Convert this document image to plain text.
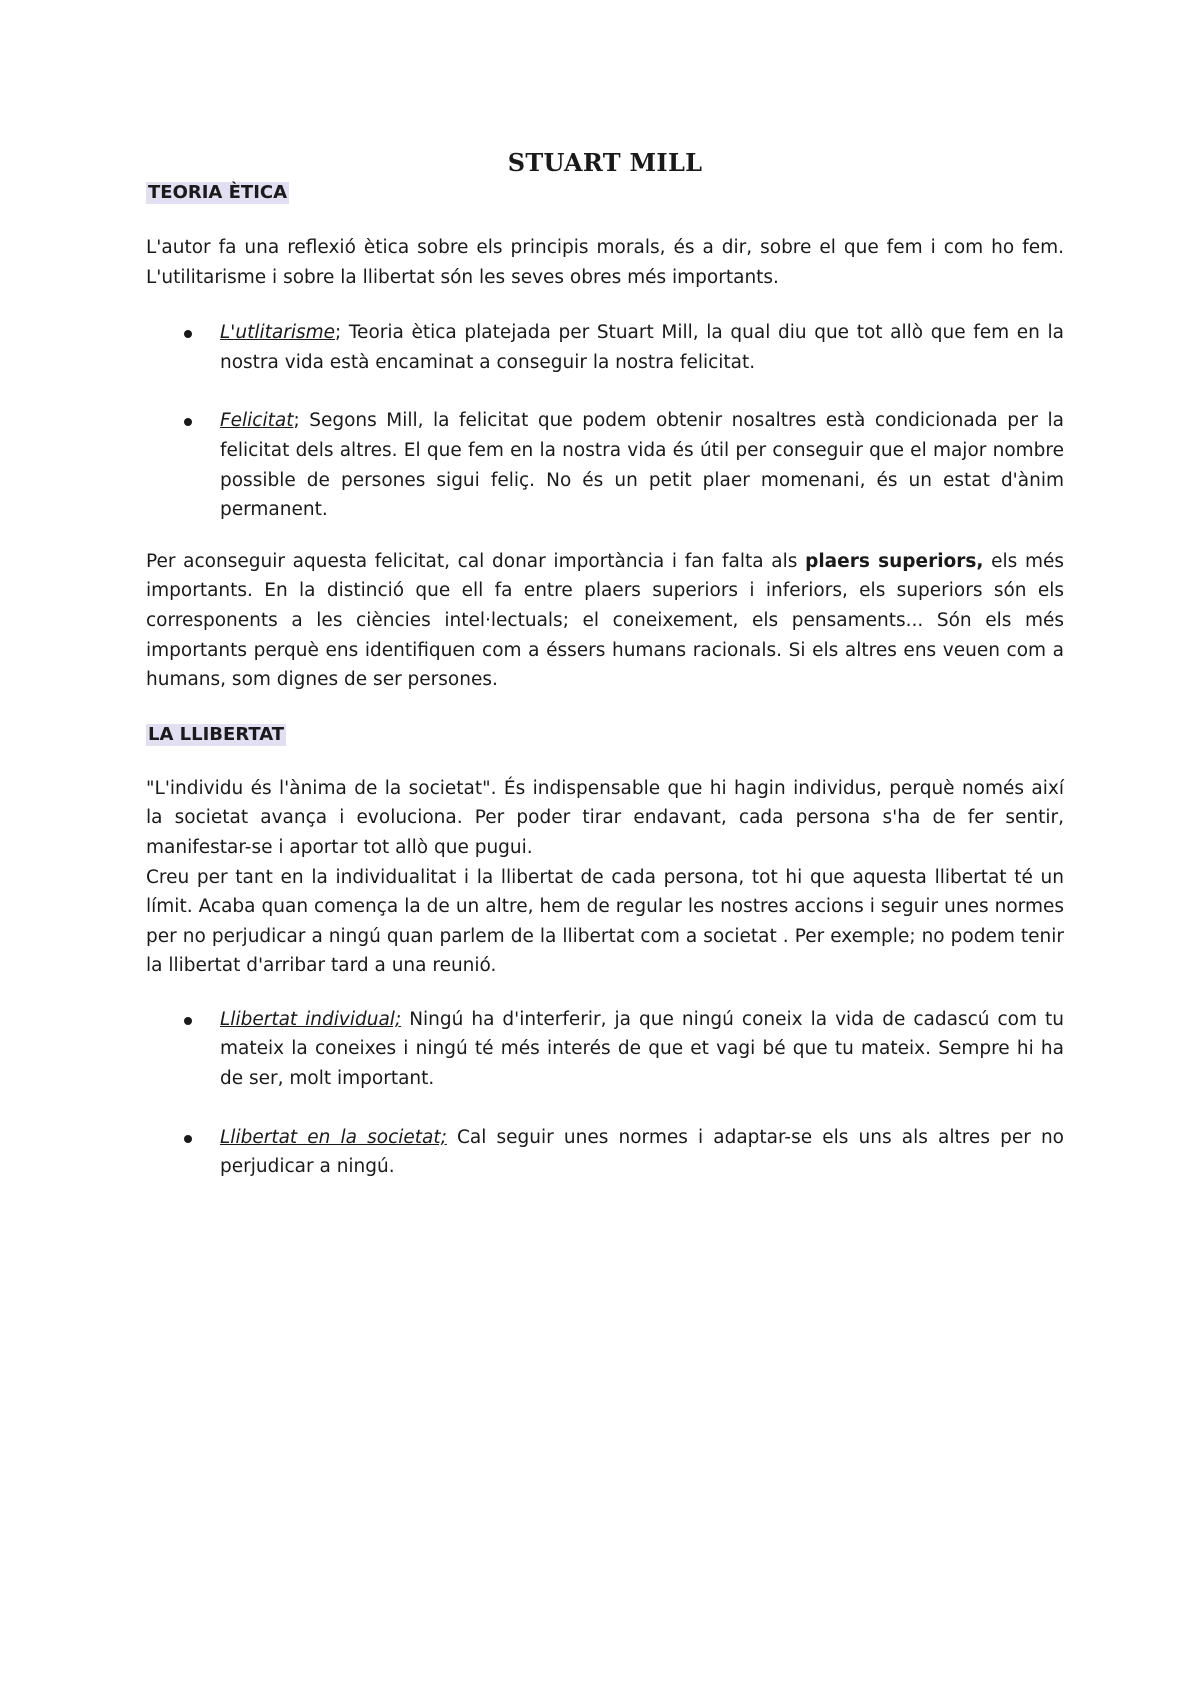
STUART MILL
TEORIA ÈTICA

L'autor fa una reflexió ètica sobre els principis morals, és a dir, sobre el que fem i com ho fem. L'utilitarisme i sobre la llibertat són les seves obres més importants.

L'utlitarisme; Teoria ètica platejada per Stuart Mill, la qual diu que tot allò que fem en la nostra vida està encaminat a conseguir la nostra felicitat.
Felicitat; Segons Mill, la felicitat que podem obtenir nosaltres està condicionada per la felicitat dels altres. El que fem en la nostra vida és útil per conseguir que el major nombre possible de persones sigui feliç. No és un petit plaer momenani, és un estat d'ànim permanent.

Per aconseguir aquesta felicitat, cal donar importància i fan falta als plaers superiors, els més importants. En la distinció que ell fa entre plaers superiors i inferiors, els superiors són els corresponents a les ciències intel·lectuals; el coneixement, els pensaments... Són els més importants perquè ens identifiquen com a éssers humans racionals. Si els altres ens veuen com a humans, som dignes de ser persones.

LA LLIBERTAT

"L'individu és l'ànima de la societat". És indispensable que hi hagin individus, perquè només així la societat avança i evoluciona. Per poder tirar endavant, cada persona s'ha de fer sentir, manifestar-se i aportar tot allò que pugui.

Creu per tant en la individualitat i la llibertat de cada persona, tot hi que aquesta llibertat té un límit. Acaba quan comença la de un altre, hem de regular les nostres accions i seguir unes normes per no perjudicar a ningú quan parlem de la llibertat com a societat . Per exemple; no podem tenir la llibertat d'arribar tard a una reunió.

Llibertat individual; Ningú ha d'interferir, ja que ningú coneix la vida de cadascú com tu mateix la coneixes i ningú té més interés de que et vagi bé que tu mateix. Sempre hi ha de ser, molt important.
Llibertat en la societat; Cal seguir unes normes i adaptar-se els uns als altres per no perjudicar a ningú.
